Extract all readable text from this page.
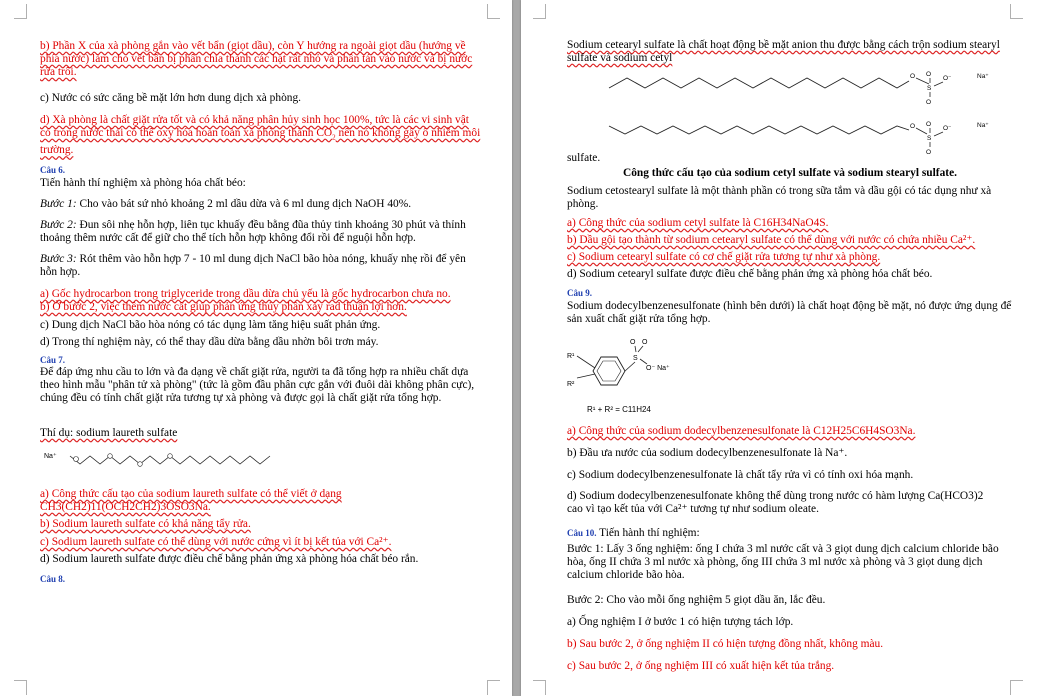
b) Phần X của xà phòng gắn vào vết bẩn (giọt dầu), còn Y hướng ra ngoài giọt dầu (hướng về phía nước) làm cho vết bẩn bị phân chia thành các hạt rất nhỏ và phân tán vào nước và bị nước rửa trôi.
c) Nước có sức căng bề mặt lớn hơn dung dịch xà phòng.
d) Xà phòng là chất giặt rửa tốt và có khả năng phân hủy sinh học 100%, tức là các vi sinh vật có trong nước thải có thể oxy hóa hoàn toàn xà phòng thành $CO_2$ nên nó không gây ô nhiễm môi trường.
Câu 6.
Tiến hành thí nghiệm xà phòng hóa chất béo:
Bước 1: Cho vào bát sứ nhỏ khoảng 2 ml dầu dừa và 6 ml dung dịch NaOH 40%.
Bước 2: Đun sôi nhẹ hỗn hợp, liên tục khuấy đều bằng đũa thủy tinh khoảng 30 phút và thỉnh thoảng thêm nước cất để giữ cho thể tích hỗn hợp không đổi rồi để nguội hỗn hợp.
Bước 3: Rót thêm vào hỗn hợp 7 - 10 ml dung dịch NaCl bão hòa nóng, khuấy nhẹ rồi để yên hỗn hợp.
a) Gốc hydrocarbon trong triglyceride trong dầu dừa chủ yếu là gốc hydrocarbon chưa no.
b) Ở bước 2, việc thêm nước cất giúp phản ứng thủy phân xảy rad thuận lợi hơn.
c) Dung dịch NaCl bão hòa nóng có tác dụng làm tăng hiệu suất phản ứng.
d) Trong thí nghiệm này, có thể thay dầu dừa bằng dầu nhờn bôi trơn máy.
Câu 7.
Để đáp ứng nhu cầu to lớn và đa dạng về chất giặt rửa, người ta đã tổng hợp ra nhiều chất dựa theo hình mẫu "phân tử xà phòng" (tức là gồm đầu phân cực gắn với đuôi dài không phân cực), chúng đều có tính chất giặt rửa tương tự xà phòng và được gọi là chất giặt rửa tổng hợp.
Thí dụ: sodium laureth sulfate
Na⁺
a) Công thức cấu tạo của sodium laureth sulfate có thể viết ở dạng
CH3(CH2)11(OCH2CH2)3OSO3Na.
b) Sodium laureth sulfate có khả năng tẩy rửa.
c) Sodium laureth sulfate có thể dùng với nước cứng vì ít bị kết tủa với Ca²⁺.
d) Sodium laureth sulfate được điều chế bằng phản ứng xà phòng hóa chất béo rắn.
Câu 8.
Sodium cetearyl sulfate là chất hoạt động bề mặt anion thu được bằng cách trộn sodium stearyl sulfate và sodium cetyl
O
S
O
O
O⁻	Na⁺
O
S
O
O
O⁻	Na⁺
sulfate.
Công thức cấu tạo của sodium cetyl sulfate và sodium stearyl sulfate.
Sodium cetostearyl sulfate là một thành phần có trong sữa tắm và dầu gội có tác dụng như xà phòng.
a) Công thức của sodium cetyl sulfate là C16H34NaO4S.
b) Dầu gội tạo thành từ sodium cetearyl sulfate có thể dùng với nước có chứa nhiều Ca²⁺.
c) Sodium cetearyl sulfate có cơ chế giặt rửa tương tự như xà phòng.
d) Sodium cetearyl sulfate được điều chế bằng phản ứng xà phòng hóa chất béo.
Câu 9.
Sodium dodecylbenzenesulfonate (hình bên dưới) là chất hoạt động bề mặt, nó được ứng dụng để sản xuất chất giặt rửa tổng hợp.
R¹
R²
S
O O
O⁻ Na⁺
R¹ + R² = C11H24
a) Công thức của sodium dodecylbenzenesulfonate là C12H25C6H4SO3Na.
b) Đầu ưa nước của sodium dodecylbenzenesulfonate là Na⁺.
c) Sodium dodecylbenzenesulfonate là chất tẩy rửa vì có tính oxi hóa mạnh.
d) Sodium dodecylbenzenesulfonate không thể dùng trong nước có hàm lượng Ca(HCO3)2
cao vì tạo kết tủa với Ca²⁺ tương tự như sodium oleate.
Câu 10. Tiến hành thí nghiệm:
Bước 1: Lấy 3 ống nghiệm: ống I chứa 3 ml nước cất và 3 giọt dung dịch calcium chloride bão hòa, ống II chứa 3 ml nước xà phòng, ống III chứa 3 ml nước xà phòng và 3 giọt dung dịch calcium chloride bão hòa.
Bước 2: Cho vào mỗi ống nghiệm 5 giọt dầu ăn, lắc đều.
a) Ống nghiệm I ở bước 1 có hiện tượng tách lớp.
b) Sau bước 2, ở ống nghiệm II có hiện tượng đồng nhất, không màu.
c) Sau bước 2, ở ống nghiệm III có xuất hiện kết tủa trắng.
